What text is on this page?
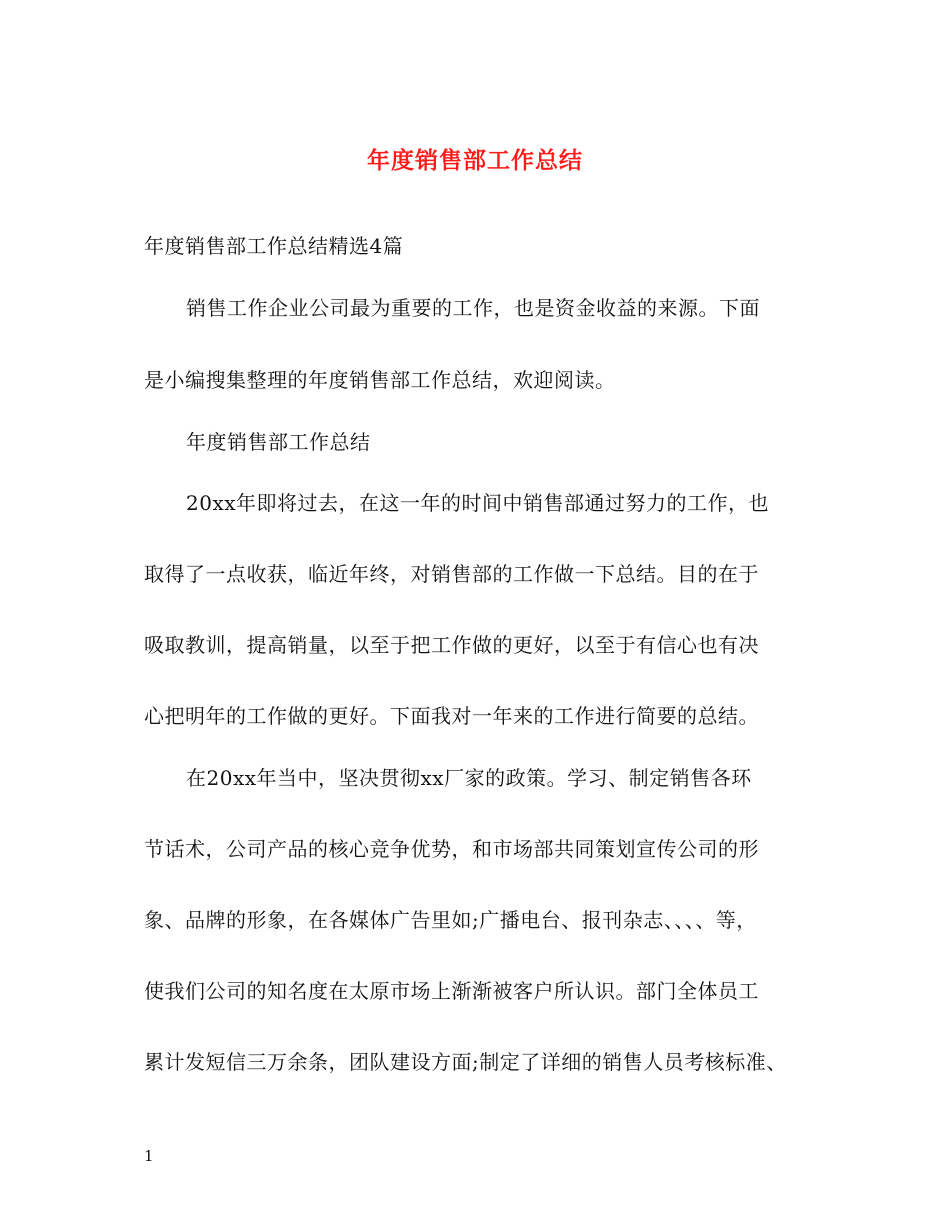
年度销售部工作总结
年度销售部工作总结精选4篇
销售工作企业公司最为重要的工作，也是资金收益的来源。下面
是小编搜集整理的年度销售部工作总结，欢迎阅读。
年度销售部工作总结
20xx年即将过去，在这一年的时间中销售部通过努力的工作，也
取得了一点收获，临近年终，对销售部的工作做一下总结。目的在于
吸取教训，提高销量，以至于把工作做的更好，以至于有信心也有决
心把明年的工作做的更好。下面我对一年来的工作进行简要的总结。
在20xx年当中，坚决贯彻xx厂家的政策。学习、制定销售各环
节话术，公司产品的核心竞争优势，和市场部共同策划宣传公司的形
象、品牌的形象，在各媒体广告里如;广播电台、报刊杂志、、、、等，
使我们公司的知名度在太原市场上渐渐被客户所认识。部门全体员工
累计发短信三万余条，团队建设方面;制定了详细的销售人员考核标准、
1
